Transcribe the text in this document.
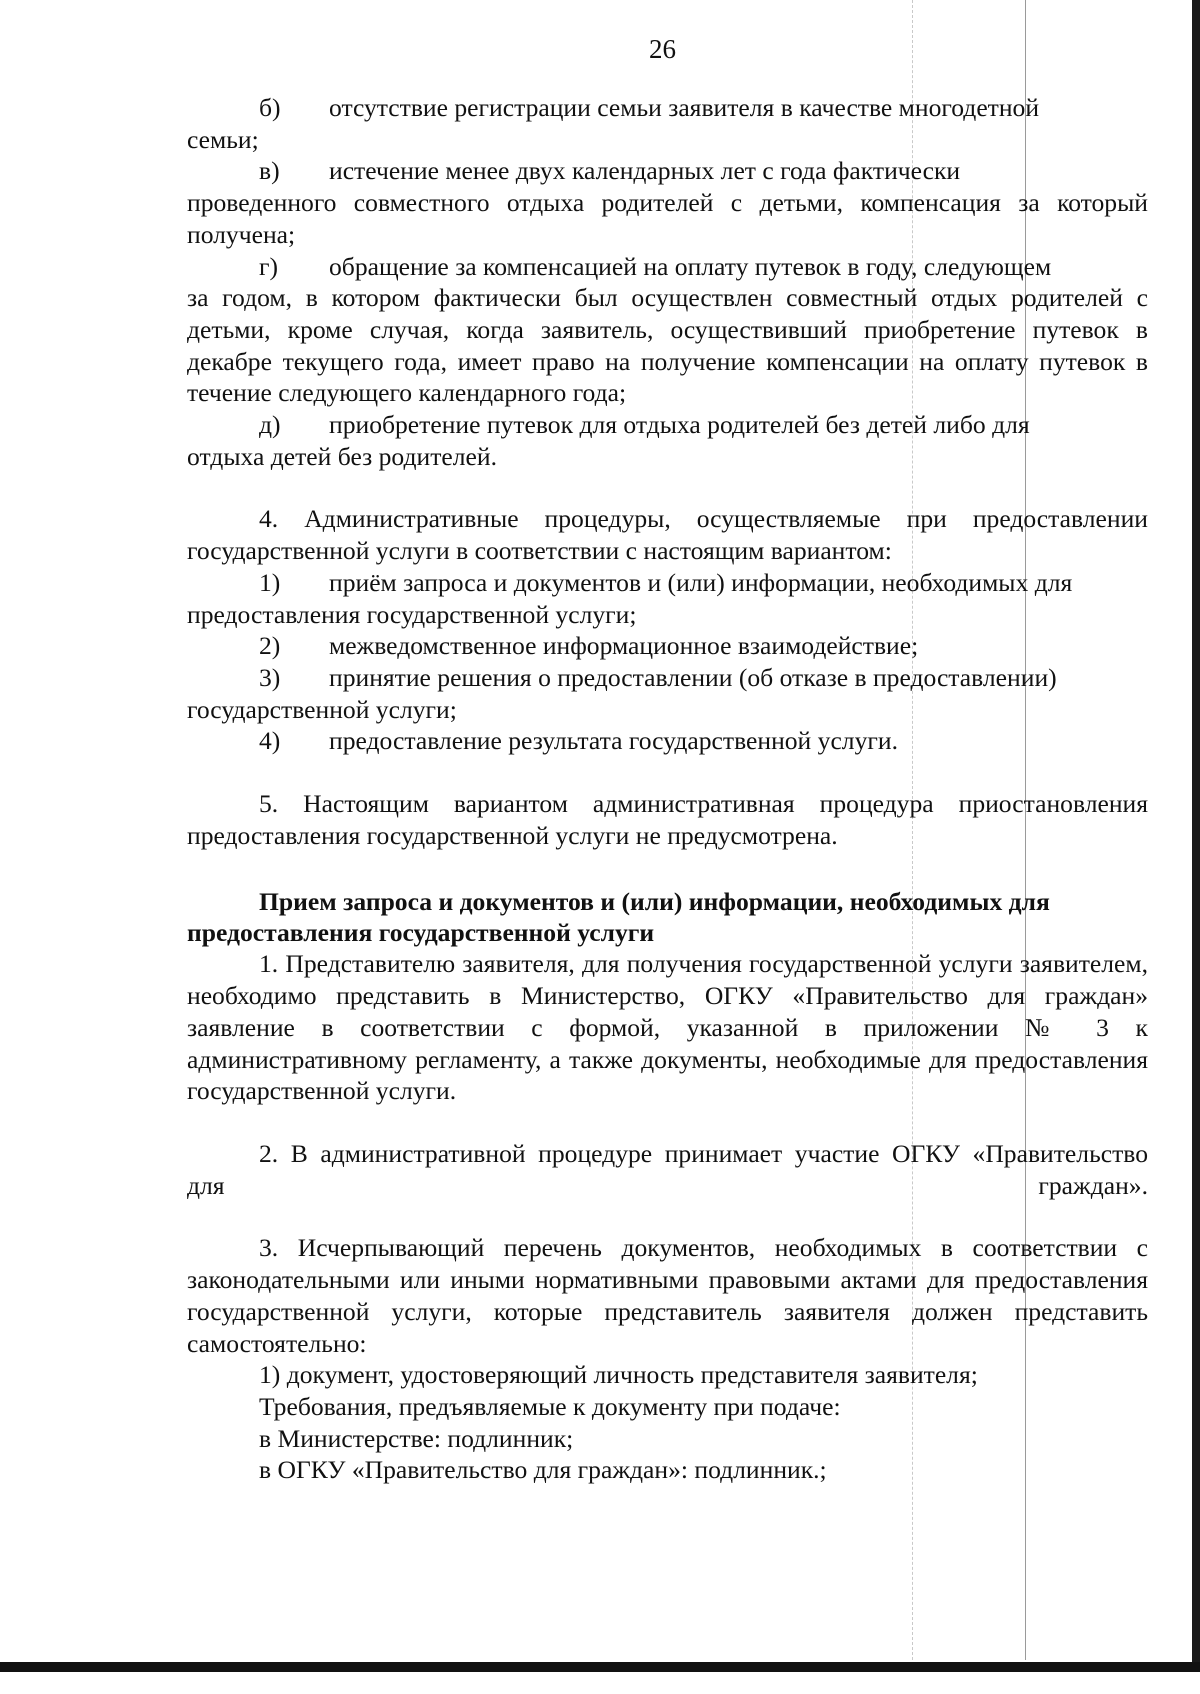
26
б)	отсутствие регистрации семьи заявителя в качестве многодетной

семьи;

в)	истечение менее двух календарных лет с года фактически

проведенного совместного отдыха родителей с детьми, компенсация за который получена;

г)	обращение за компенсацией на оплату путевок в году, следующем

за годом, в котором фактически был осуществлен совместный отдых родителей с детьми, кроме случая, когда заявитель, осуществивший приобретение путевок в декабре текущего года, имеет право на получение компенсации на оплату путевок в течение следующего календарного года;

д)	приобретение путевок для отдыха родителей без детей либо для

отдыха детей без родителей.

4. Административные процедуры, осуществляемые при предоставлении государственной услуги в соответствии с настоящим вариантом:

1)	приём запроса и документов и (или) информации, необходимых для

предоставления государственной услуги;

2)	межведомственное информационное взаимодействие;
3)	принятие решения о предоставлении (об отказе в предоставлении)

государственной услуги;

4)	предоставление результата государственной услуги.

5. Настоящим вариантом административная процедура приостановления предоставления государственной услуги не предусмотрена.

Прием запроса и документов и (или) информации, необходимых для

предоставления государственной услуги

1. Представителю заявителя, для получения государственной услуги заявителем, необходимо представить в Министерство, ОГКУ «Правительство для граждан» заявление в соответствии с формой, указанной в приложении № 3 к административному регламенту, а также документы, необходимые для предоставления государственной услуги.

2. В административной процедуре принимает участие ОГКУ «Правительство для граждан».

3. Исчерпывающий перечень документов, необходимых в соответствии с законодательными или иными нормативными правовыми актами для предоставления государственной услуги, которые представитель заявителя должен представить самостоятельно:

1) документ, удостоверяющий личность представителя заявителя;

Требования, предъявляемые к документу при подаче:

в Министерстве: подлинник;

в ОГКУ «Правительство для граждан»: подлинник.;
